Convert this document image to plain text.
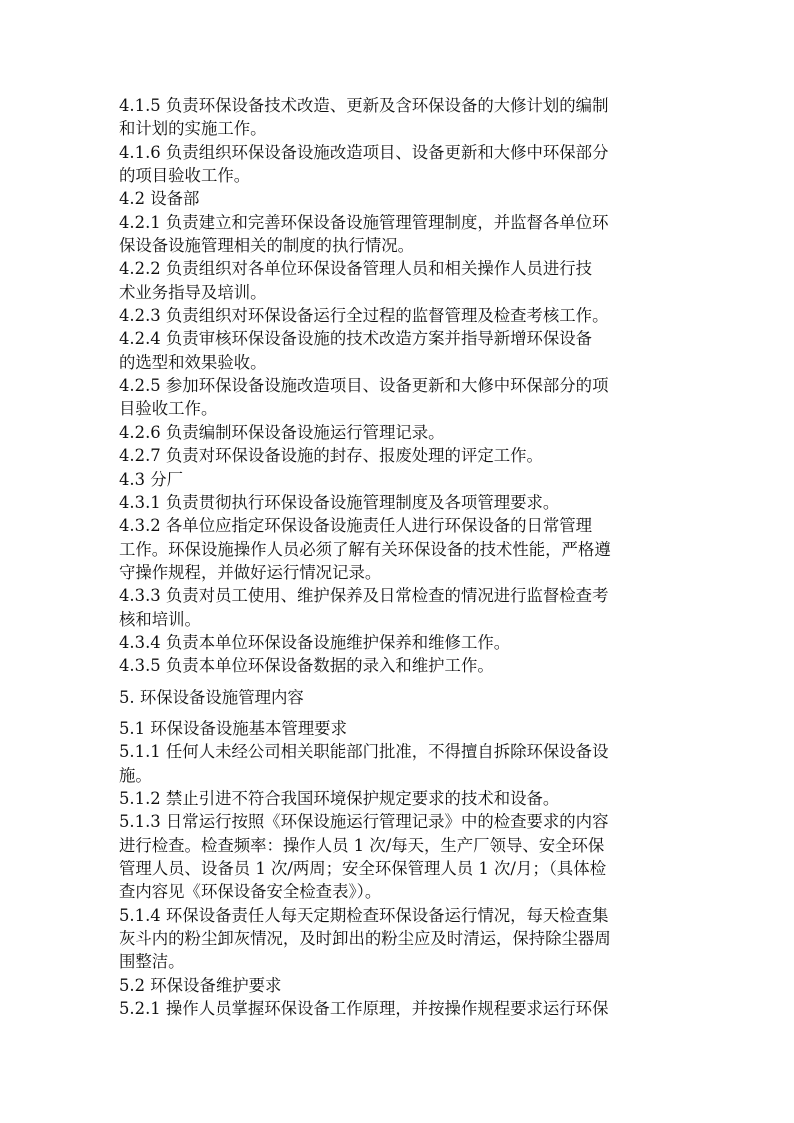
4.1.5 负责环保设备技术改造、更新及含环保设备的大修计划的编制
和计划的实施工作。
4.1.6 负责组织环保设备设施改造项目、设备更新和大修中环保部分
的项目验收工作。
4.2 设备部
4.2.1 负责建立和完善环保设备设施管理管理制度，并监督各单位环
保设备设施管理相关的制度的执行情况。
4.2.2 负责组织对各单位环保设备管理人员和相关操作人员进行技
术业务指导及培训。
4.2.3 负责组织对环保设备运行全过程的监督管理及检查考核工作。
4.2.4 负责审核环保设备设施的技术改造方案并指导新增环保设备
的选型和效果验收。
4.2.5 参加环保设备设施改造项目、设备更新和大修中环保部分的项
目验收工作。
4.2.6 负责编制环保设备设施运行管理记录。
4.2.7 负责对环保设备设施的封存、报废处理的评定工作。
4.3 分厂
4.3.1 负责贯彻执行环保设备设施管理制度及各项管理要求。
4.3.2 各单位应指定环保设备设施责任人进行环保设备的日常管理
工作。环保设施操作人员必须了解有关环保设备的技术性能，严格遵
守操作规程，并做好运行情况记录。
4.3.3 负责对员工使用、维护保养及日常检查的情况进行监督检查考
核和培训。
4.3.4 负责本单位环保设备设施维护保养和维修工作。
4.3.5 负责本单位环保设备数据的录入和维护工作。
5. 环保设备设施管理内容
5.1 环保设备设施基本管理要求
5.1.1 任何人未经公司相关职能部门批准，不得擅自拆除环保设备设
施。
5.1.2 禁止引进不符合我国环境保护规定要求的技术和设备。
5.1.3 日常运行按照《环保设施运行管理记录》中的检查要求的内容
进行检查。检查频率：操作人员 1 次/每天，生产厂领导、安全环保
管理人员、设备员 1 次/两周；安全环保管理人员 1 次/月；（具体检
查内容见《环保设备安全检查表》）。
5.1.4 环保设备责任人每天定期检查环保设备运行情况，每天检查集
灰斗内的粉尘卸灰情况，及时卸出的粉尘应及时清运，保持除尘器周
围整洁。
5.2 环保设备维护要求
5.2.1 操作人员掌握环保设备工作原理，并按操作规程要求运行环保
